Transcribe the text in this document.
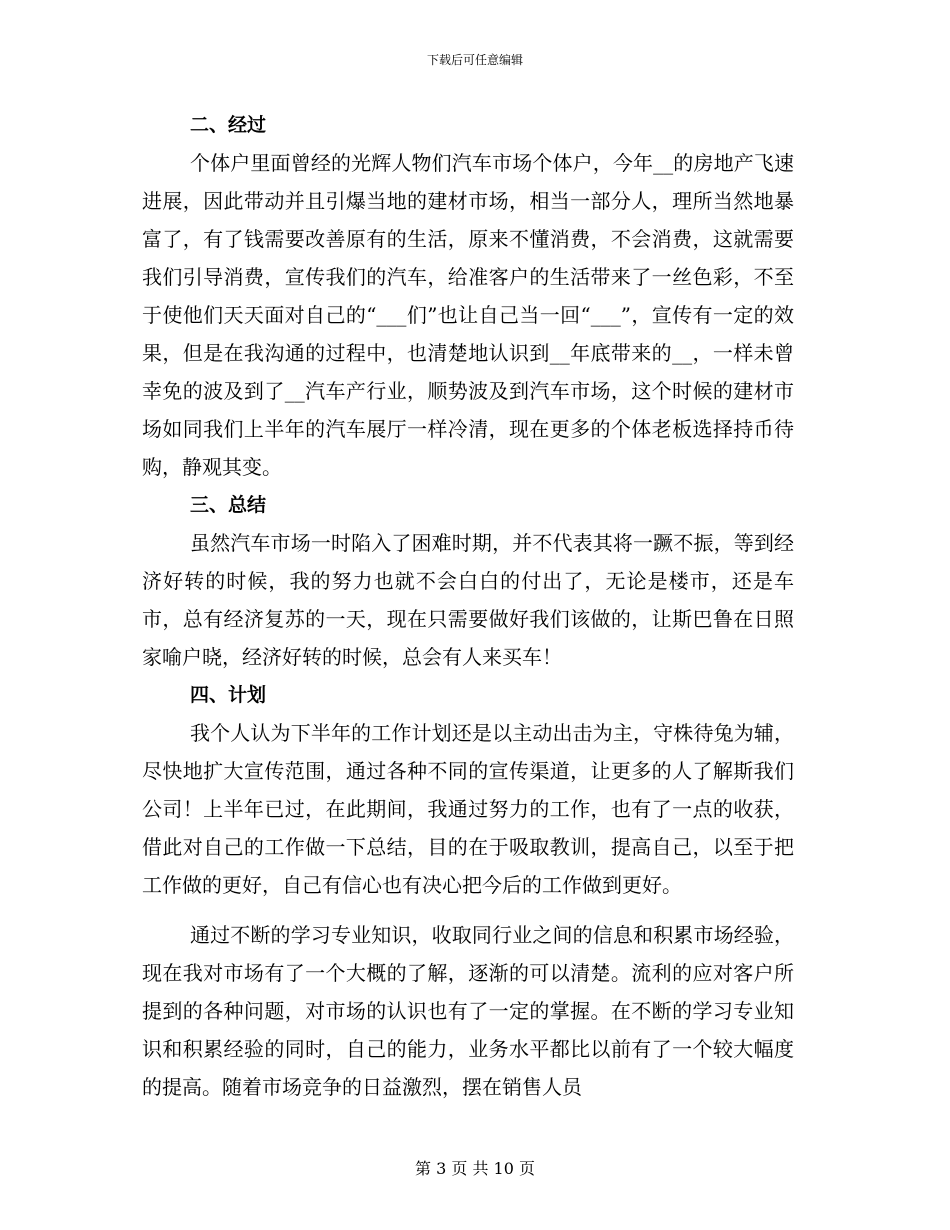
下载后可任意编辑
二、经过

个体户里面曾经的光辉人物们汽车市场个体户，今年__的房地产飞速进展，因此带动并且引爆当地的建材市场，相当一部分人，理所当然地暴富了，有了钱需要改善原有的生活，原来不懂消费，不会消费，这就需要我们引导消费，宣传我们的汽车，给准客户的生活带来了一丝色彩，不至于使他们天天面对自己的“___们”也让自己当一回“___”，宣传有一定的效果，但是在我沟通的过程中，也清楚地认识到__年底带来的__，一样未曾幸免的波及到了__汽车产行业，顺势波及到汽车市场，这个时候的建材市场如同我们上半年的汽车展厅一样冷清，现在更多的个体老板选择持币待购，静观其变。

三、总结

虽然汽车市场一时陷入了困难时期，并不代表其将一蹶不振，等到经济好转的时候，我的努力也就不会白白的付出了，无论是楼市，还是车市，总有经济复苏的一天，现在只需要做好我们该做的，让斯巴鲁在日照家喻户晓，经济好转的时候，总会有人来买车！

四、计划

我个人认为下半年的工作计划还是以主动出击为主，守株待兔为辅，尽快地扩大宣传范围，通过各种不同的宣传渠道，让更多的人了解斯我们公司！上半年已过，在此期间，我通过努力的工作，也有了一点的收获，借此对自己的工作做一下总结，目的在于吸取教训，提高自己，以至于把工作做的更好，自己有信心也有决心把今后的工作做到更好。

通过不断的学习专业知识，收取同行业之间的信息和积累市场经验，现在我对市场有了一个大概的了解，逐渐的可以清楚。流利的应对客户所提到的各种问题，对市场的认识也有了一定的掌握。在不断的学习专业知识和积累经验的同时，自己的能力，业务水平都比以前有了一个较大幅度的提高。随着市场竞争的日益激烈，摆在销售人员

第 3 页 共 10 页
